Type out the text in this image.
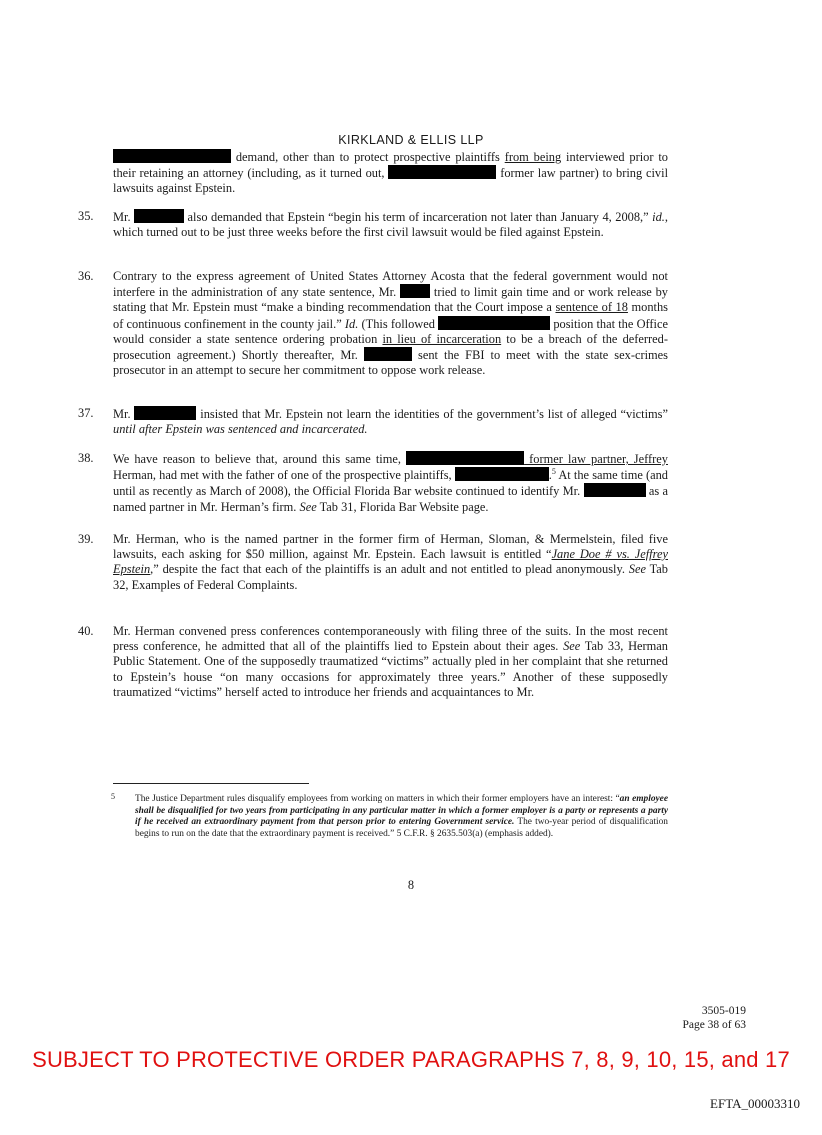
KIRKLAND & ELLIS LLP
demand, other than to protect prospective plaintiffs from being interviewed prior to their retaining an attorney (including, as it turned out,	former law partner) to bring civil lawsuits against Epstein.
35.	Mr.	also demanded that Epstein “begin his term of incarceration not later than January 4, 2008,” id., which turned out to be just three weeks before the first civil lawsuit would be filed against Epstein.
36.	Contrary to the express agreement of United States Attorney Acosta that the federal government would not interfere in the administration of any state sentence, Mr.  tried to limit gain time and or work release by stating that Mr. Epstein must “make a binding recommendation that the Court impose a sentence of 18 months of continuous confinement in the county jail.” Id. (This followed	position that the Office would consider a state sentence ordering probation in lieu of incarceration to be a breach of the deferred-prosecution agreement.) Shortly thereafter, Mr.	sent the FBI to meet with the state sex-crimes prosecutor in an attempt to secure her commitment to oppose work release.
37.	Mr.	insisted that Mr. Epstein not learn the identities of the government’s list of alleged “victims” until after Epstein was sentenced and incarcerated.
38.	We have reason to believe that, around this same time,	former law partner, Jeffrey Herman, had met with the father of one of the prospective plaintiffs,	.$^5$ At the same time (and until as recently as March of 2008), the Official Florida Bar website continued to identify Mr.	as a named partner in Mr. Herman’s firm. See Tab 31, Florida Bar Website page.
39.	Mr. Herman, who is the named partner in the former firm of Herman, Sloman, & Mermelstein, filed five lawsuits, each asking for $50 million, against Mr. Epstein. Each lawsuit is entitled “Jane Doe # vs. Jeffrey Epstein,” despite the fact that each of the plaintiffs is an adult and not entitled to plead anonymously. See Tab 32, Examples of Federal Complaints.
40.	Mr. Herman convened press conferences contemporaneously with filing three of the suits. In the most recent press conference, he admitted that all of the plaintiffs lied to Epstein about their ages. See Tab 33, Herman Public Statement. One of the supposedly traumatized “victims” actually pled in her complaint that she returned to Epstein’s house “on many occasions for approximately three years.” Another of these supposedly traumatized “victims” herself acted to introduce her friends and acquaintances to Mr.
5	The Justice Department rules disqualify employees from working on matters in which their former employers have an interest: “an employee shall be disqualified for two years from participating in any particular matter in which a former employer is a party or represents a party if he received an extraordinary payment from that person prior to entering Government service. The two-year period of disqualification begins to run on the date that the extraordinary payment is received.” 5 C.F.R. § 2635.503(a) (emphasis added).
8
3505-019
Page 38 of 63
SUBJECT TO PROTECTIVE ORDER PARAGRAPHS 7, 8, 9, 10, 15, and 17
EFTA_00003310
